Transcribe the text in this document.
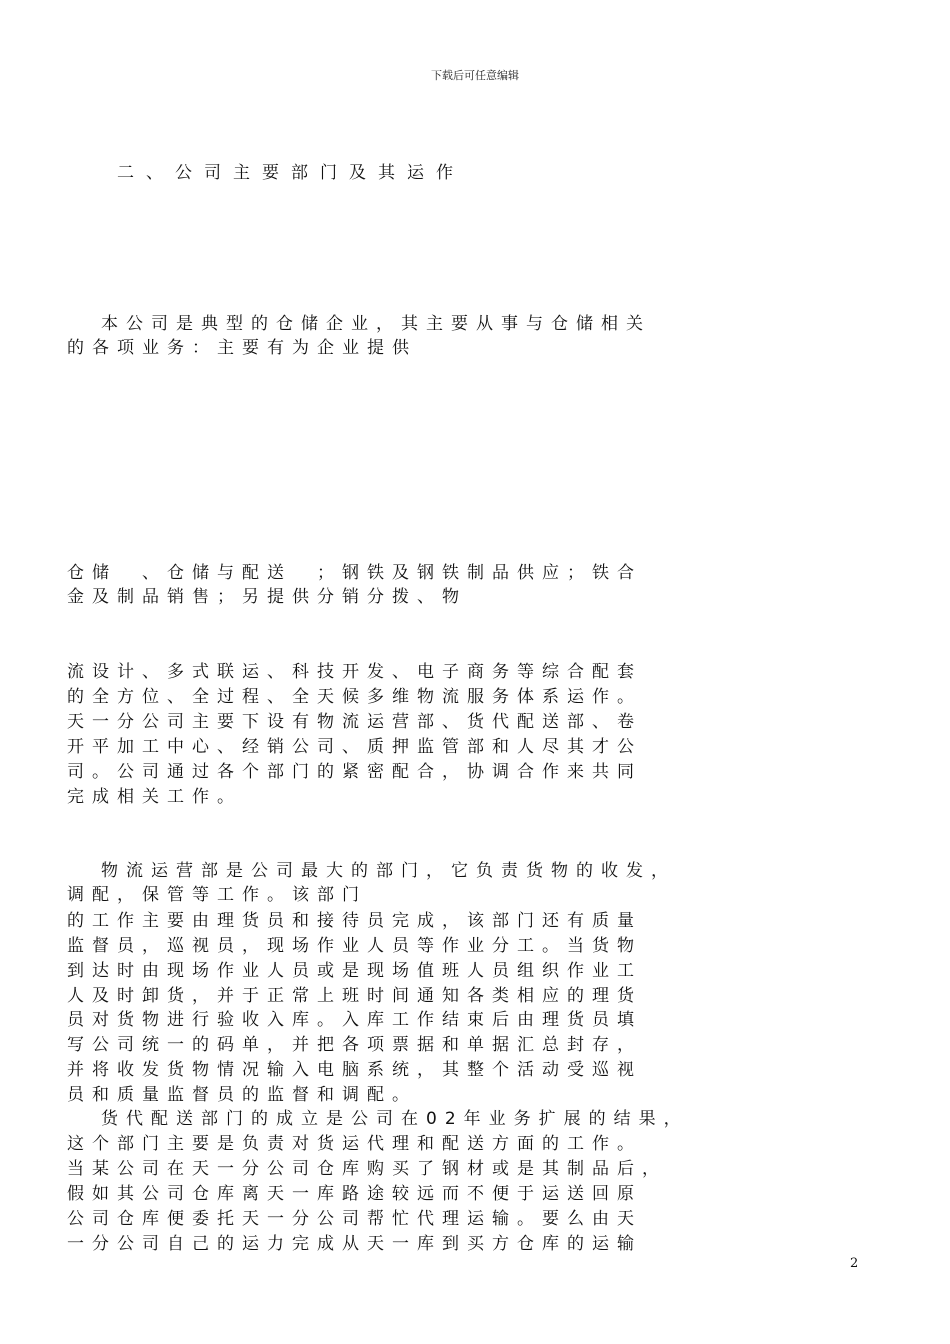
下载后可任意编辑
二、公司主要部门及其运作
本公司是典型的仓储企业，其主要从事与仓储相关
的各项业务：主要有为企业提供
仓储　、仓储与配送　；钢铁及钢铁制品供应；铁合
金及制品销售；另提供分销分拨、物
流设计、多式联运、科技开发、电子商务等综合配套
的全方位、全过程、全天候多维物流服务体系运作。
天一分公司主要下设有物流运营部、货代配送部、卷
开平加工中心、经销公司、质押监管部和人尽其才公
司。公司通过各个部门的紧密配合，协调合作来共同
完成相关工作。
物流运营部是公司最大的部门，它负责货物的收发，
调配，保管等工作。该部门
的工作主要由理货员和接待员完成，该部门还有质量
监督员，巡视员，现场作业人员等作业分工。当货物
到达时由现场作业人员或是现场值班人员组织作业工
人及时卸货，并于正常上班时间通知各类相应的理货
员对货物进行验收入库。入库工作结束后由理货员填
写公司统一的码单，并把各项票据和单据汇总封存，
并将收发货物情况输入电脑系统，其整个活动受巡视
员和质量监督员的监督和调配。
货代配送部门的成立是公司在02年业务扩展的结果，
这个部门主要是负责对货运代理和配送方面的工作。
当某公司在天一分公司仓库购买了钢材或是其制品后，
假如其公司仓库离天一库路途较远而不便于运送回原
公司仓库便委托天一分公司帮忙代理运输。要么由天
一分公司自己的运力完成从天一库到买方仓库的运输
2
